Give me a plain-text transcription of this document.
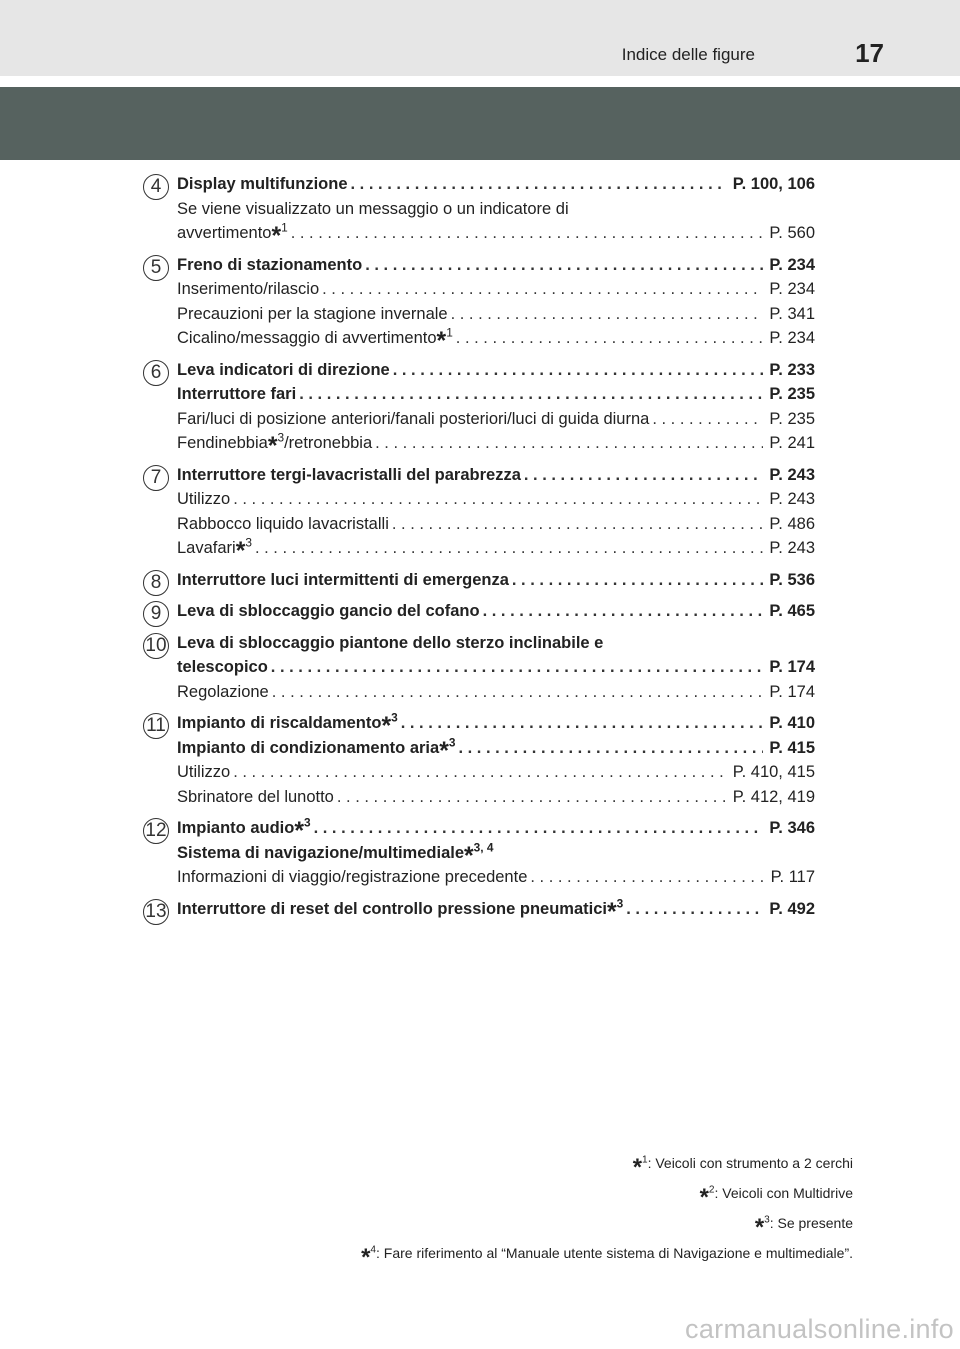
Indice delle figure	17
4 Display multifunzione . . .	P. 100, 106
Se viene visualizzato un messaggio o un indicatore di
avvertimento*$^1$ . . .	P. 560
5 Freno di stazionamento . . .	P. 234
Inserimento/rilascio . . .	P. 234
Precauzioni per la stagione invernale . . .	P. 341
Cicalino/messaggio di avvertimento*$^1$ . . .	P. 234
6 Leva indicatori di direzione . . .	P. 233
Interruttore fari . . .	P. 235
Fari/luci di posizione anteriori/fanali posteriori/luci di guida diurna . . .	P. 235
Fendinebbia*$^3$/retronebbia . . .	P. 241
7 Interruttore tergi-lavacristalli del parabrezza . . .	P. 243
Utilizzo . . .	P. 243
Rabbocco liquido lavacristalli . . .	P. 486
Lavafari*$^3$ . . .	P. 243
8 Interruttore luci intermittenti di emergenza . . .	P. 536
9 Leva di sbloccaggio gancio del cofano . . .	P. 465
10 Leva di sbloccaggio piantone dello sterzo inclinabile e
telescopico . . .	P. 174
Regolazione . . .	P. 174
11 Impianto di riscaldamento*$^3$ . . .	P. 410
Impianto di condizionamento aria*$^3$ . . .	P. 415
Utilizzo . . .	P. 410, 415
Sbrinatore del lunotto . . .	P. 412, 419
12 Impianto audio*$^3$ . . .	P. 346
Sistema di navigazione/multimediale*$^{3, 4}$
Informazioni di viaggio/registrazione precedente . . .	P. 117
13 Interruttore di reset del controllo pressione pneumatici*$^3$ . . .	P. 492
*$^1$: Veicoli con strumento a 2 cerchi
*$^2$: Veicoli con Multidrive
*$^3$: Se presente
*$^4$: Fare riferimento al “Manuale utente sistema di Navigazione e multimediale”.
carmanualsonline.info
